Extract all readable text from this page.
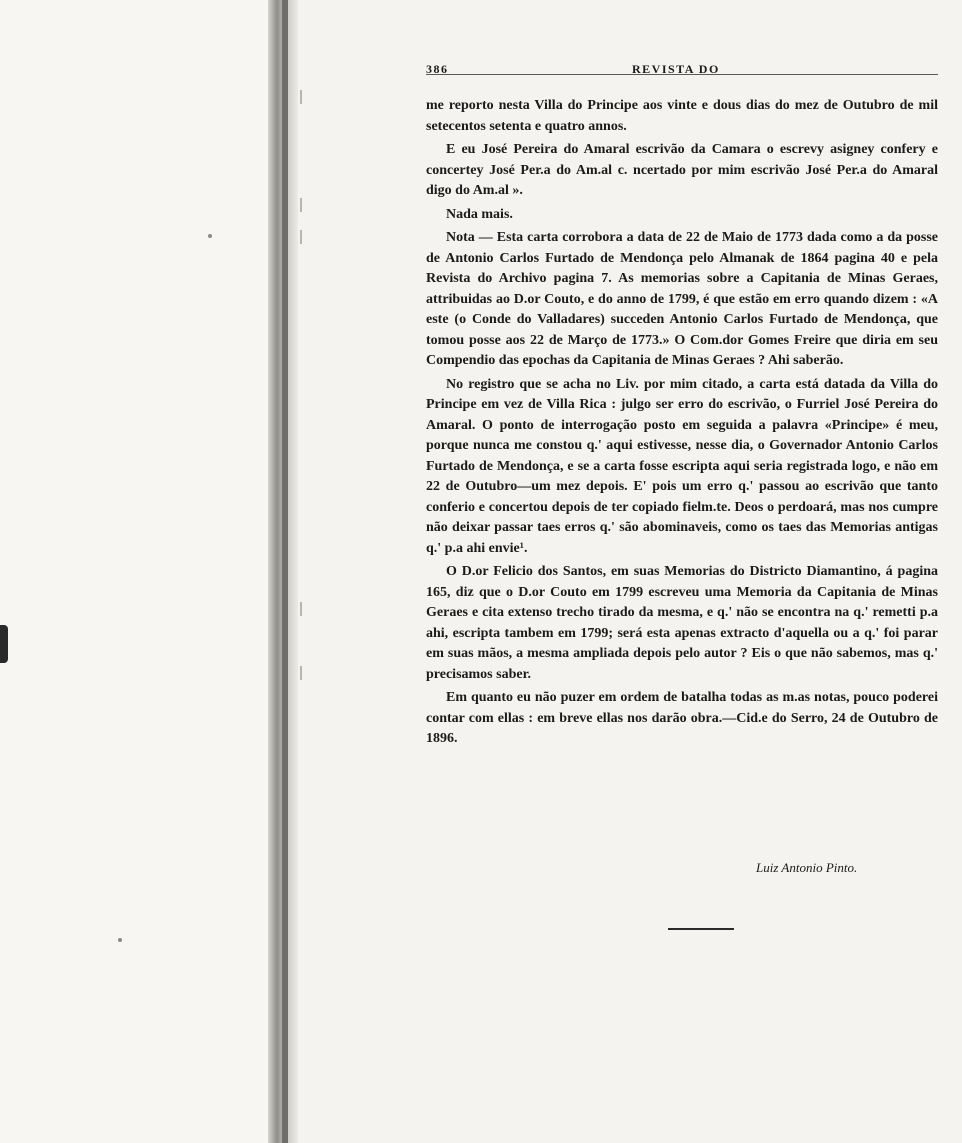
386	REVISTA DO

me reporto nesta Villa do Principe aos vinte e dous dias do mez de Outubro de mil setecentos setenta e quatro annos.

E eu José Pereira do Amaral escrivão da Camara o escrevy asigney confery e concertey José Per.a do Am.al c. ncertado por mim escrivão José Per.a do Amaral digo do Am.al ».

Nada mais.

Nota — Esta carta corrobora a data de 22 de Maio de 1773 dada como a da posse de Antonio Carlos Furtado de Mendonça pelo Almanak de 1864 pagina 40 e pela Revista do Archivo pagina 7. As memorias sobre a Capitania de Minas Geraes, attribuidas ao D.or Couto, e do anno de 1799, é que estão em erro quando dizem : «A este (o Conde do Valladares) succeden Antonio Carlos Furtado de Mendonça, que tomou posse aos 22 de Março de 1773.» O Com.dor Gomes Freire que diria em seu Compendio das epochas da Capitania de Minas Geraes ? Ahi saberão.

No registro que se acha no Liv. por mim citado, a carta está datada da Villa do Principe em vez de Villa Rica : julgo ser erro do escrivão, o Furriel José Pereira do Amaral. O ponto de interrogação posto em seguida a palavra «Principe» é meu, porque nunca me constou q.' aqui estivesse, nesse dia, o Governador Antonio Carlos Furtado de Mendonça, e se a carta fosse escripta aqui seria registrada logo, e não em 22 de Outubro—um mez depois. E' pois um erro q.' passou ao escrivão que tanto conferio e concertou depois de ter copiado fielm.te. Deos o perdoará, mas nos cumpre não deixar passar taes erros q.' são abominaveis, como os taes das Memorias antigas q.' p.a ahi envie¹.

O D.or Felicio dos Santos, em suas Memorias do Districto Diamantino, á pagina 165, diz que o D.or Couto em 1799 escreveu uma Memoria da Capitania de Minas Geraes e cita extenso trecho tirado da mesma, e q.' não se encontra na q.' remetti p.a ahi, escripta tambem em 1799; será esta apenas extracto d'aquella ou a q.' foi parar em suas mãos, a mesma ampliada depois pelo autor ? Eis o que não sabemos, mas q.' precisamos saber.

Em quanto eu não puzer em ordem de batalha todas as m.as notas, pouco poderei contar com ellas : em breve ellas nos darão obra.—Cid.e do Serro, 24 de Outubro de 1896.

Luiz Antonio Pinto.
